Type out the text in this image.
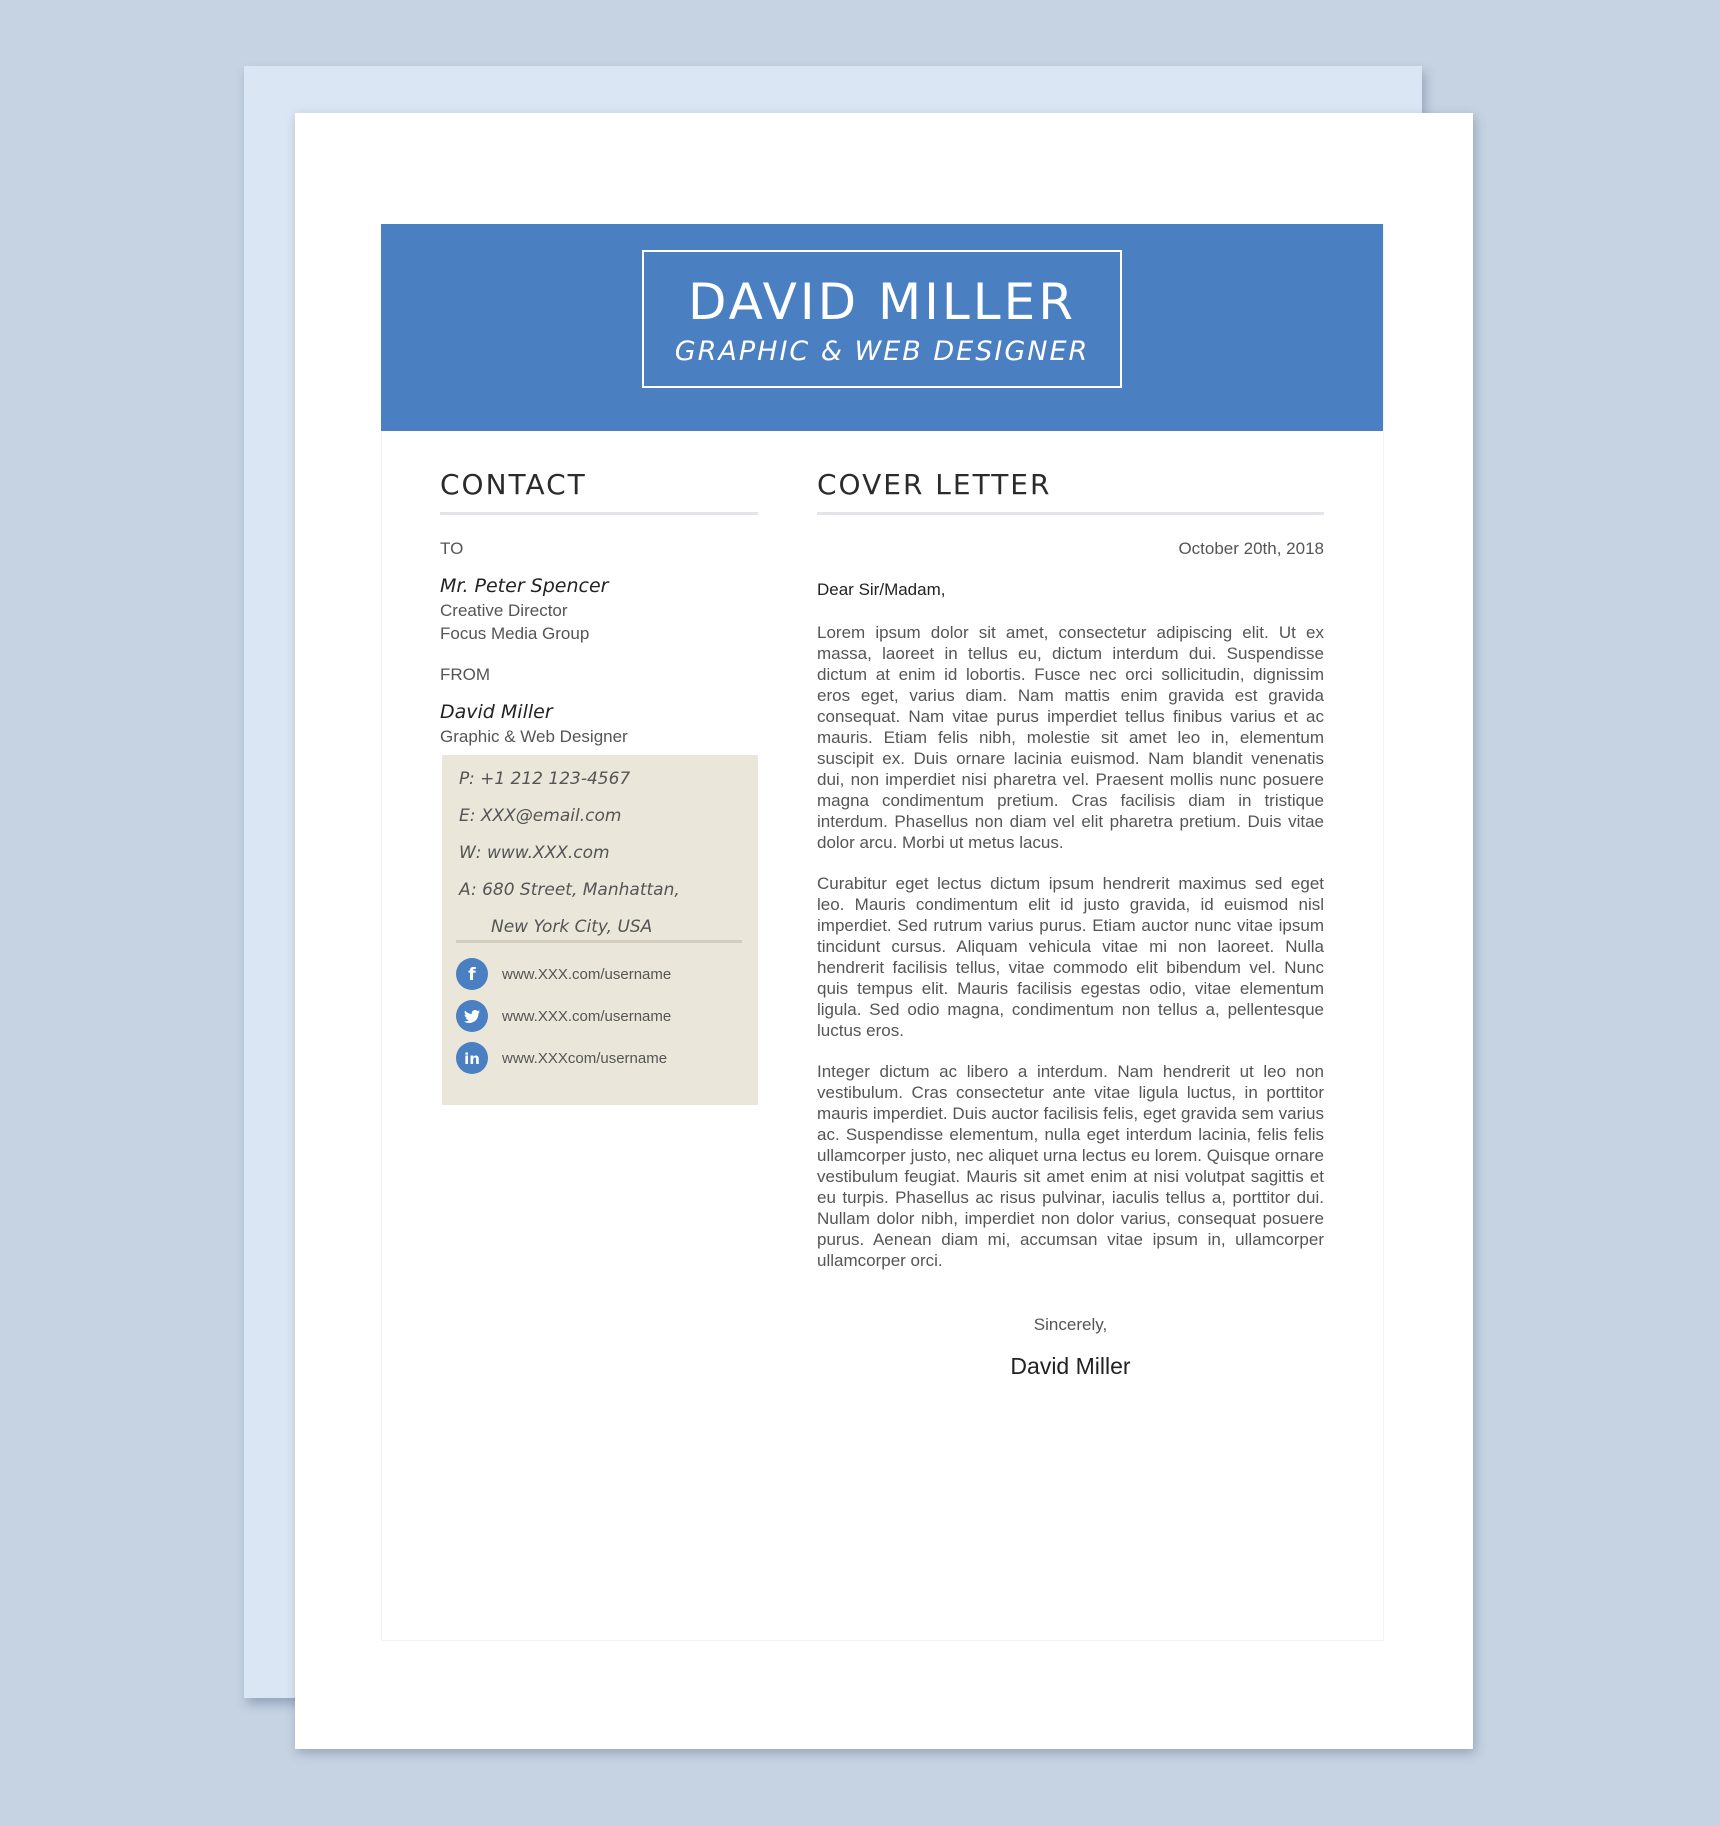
DAVID MILLER
GRAPHIC & WEB DESIGNER
CONTACT
TO
Mr. Peter Spencer
Creative Director
Focus Media Group
FROM
David Miller
Graphic & Web Designer
P: +1 212 123-4567
E: XXX@email.com
W: www.XXX.com
A: 680 Street, Manhattan,
New York City, USA
f www.XXX.com/username
www.XXX.com/username
in www.XXXcom/username
COVER LETTER
October 20th, 2018
Dear Sir/Madam,

Lorem ipsum dolor sit amet, consectetur adipiscing elit. Ut ex massa, laoreet in tellus eu, dictum interdum dui. Suspendisse dictum at enim id lobortis. Fusce nec orci sollicitudin, dignissim eros eget, varius diam. Nam mattis enim gravida est gravida consequat. Nam vitae purus imperdiet tellus finibus varius et ac mauris. Etiam felis nibh, molestie sit amet leo in, elementum suscipit ex. Duis ornare lacinia euismod. Nam blandit venenatis dui, non imperdiet nisi pharetra vel. Praesent mollis nunc posuere magna condimentum pretium. Cras facilisis diam in tristique interdum. Phasellus non diam vel elit pharetra pretium. Duis vitae dolor arcu. Morbi ut metus lacus.

Curabitur eget lectus dictum ipsum hendrerit maximus sed eget leo. Mauris condimentum elit id justo gravida, id euismod nisl imperdiet. Sed rutrum varius purus. Etiam auctor nunc vitae ipsum tincidunt cursus. Aliquam vehicula vitae mi non laoreet. Nulla hendrerit facilisis tellus, vitae commodo elit bibendum vel. Nunc quis tempus elit. Mauris facilisis egestas odio, vitae elementum ligula. Sed odio magna, condimentum non tellus a, pellentesque luctus eros.

Integer dictum ac libero a interdum. Nam hendrerit ut leo non vestibulum. Cras consectetur ante vitae ligula luctus, in porttitor mauris imperdiet. Duis auctor facilisis felis, eget gravida sem varius ac. Suspendisse elementum, nulla eget interdum lacinia, felis felis ullamcorper justo, nec aliquet urna lectus eu lorem. Quisque ornare vestibulum feugiat. Mauris sit amet enim at nisi volutpat sagittis et eu turpis. Phasellus ac risus pulvinar, iaculis tellus a, porttitor dui. Nullam dolor nibh, imperdiet non dolor varius, consequat posuere purus. Aenean diam mi, accumsan vitae ipsum in, ullamcorper ullamcorper orci.

Sincerely,
David Miller
